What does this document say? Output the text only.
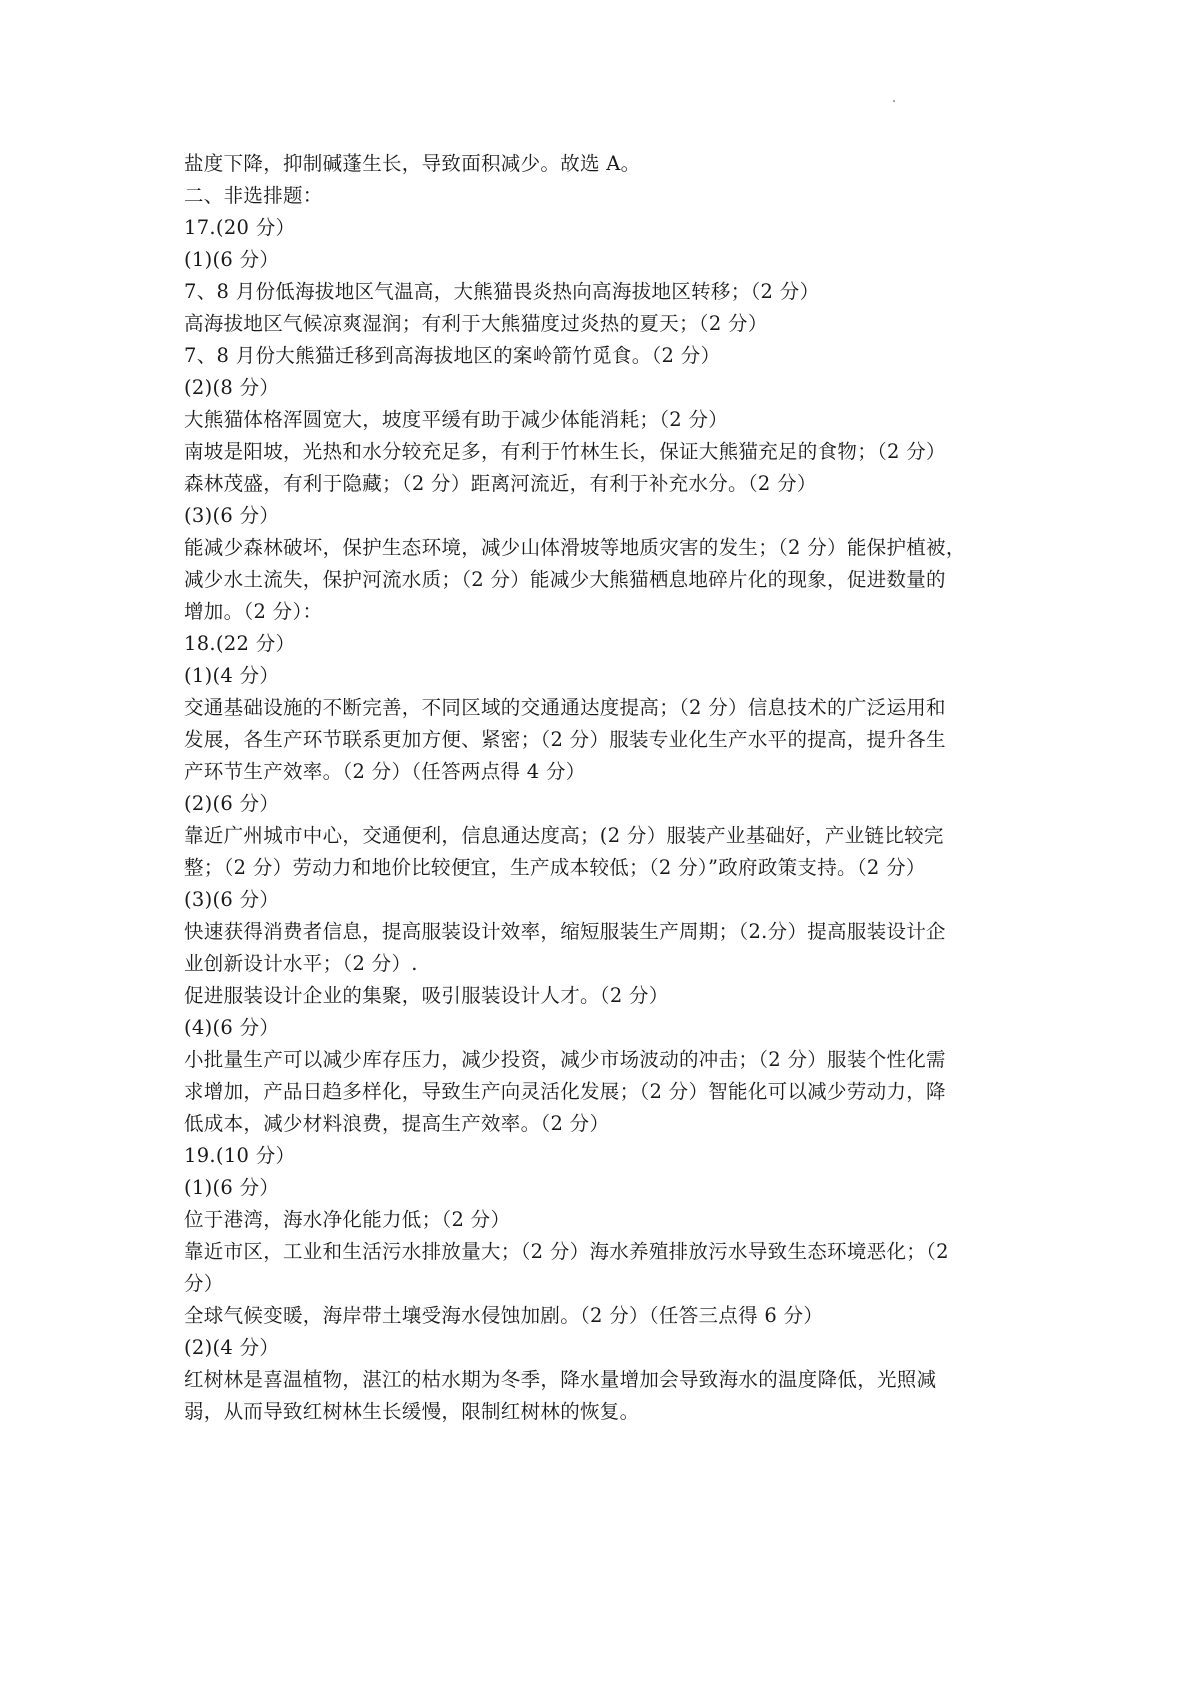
盐度下降，抑制碱蓬生长，导致面积减少。故选 A。
二、非选排题：
17.(20 分）
(1)(6 分）
7、8 月份低海拔地区气温高，大熊猫畏炎热向高海拔地区转移；（2 分）
高海拔地区气候凉爽湿润；有利于大熊猫度过炎热的夏天；（2 分）
7、8 月份大熊猫迁移到高海拔地区的案岭箭竹觅食。（2 分）
(2)(8 分）
大熊猫体格浑圆宽大，坡度平缓有助于减少体能消耗；（2 分）
南坡是阳坡，光热和水分较充足多，有利于竹林生长，保证大熊猫充足的食物；（2 分）
森林茂盛，有利于隐藏；（2 分）距离河流近，有利于补充水分。（2 分）
(3)(6 分）
能减少森林破坏，保护生态环境，减少山体滑坡等地质灾害的发生；（2 分）能保护植被，
减少水土流失，保护河流水质；（2 分）能减少大熊猫栖息地碎片化的现象，促进数量的
增加。（2 分）：
18.(22 分）
(1)(4 分）
交通基础设施的不断完善，不同区域的交通通达度提高；（2 分）信息技术的广泛运用和
发展，各生产环节联系更加方便、紧密；（2 分）服装专业化生产水平的提高，提升各生
产环节生产效率。（2 分）（任答两点得 4 分）
(2)(6 分）
靠近广州城市中心，交通便利，信息通达度高；(2 分）服装产业基础好，产业链比较完
整；（2 分）劳动力和地价比较便宜，生产成本较低；（2 分）”政府政策支持。（2 分）
(3)(6 分）
快速获得消费者信息，提高服装设计效率，缩短服装生产周期；（2.分）提高服装设计企
业创新设计水平；（2 分）.
促进服装设计企业的集聚，吸引服装设计人才。（2 分）
(4)(6 分）
小批量生产可以减少库存压力，减少投资，减少市场波动的冲击；（2 分）服装个性化需
求增加，产品日趋多样化，导致生产向灵活化发展；（2 分）智能化可以减少劳动力，降
低成本，减少材料浪费，提高生产效率。（2 分）
19.(10 分）
(1)(6 分）
位于港湾，海水净化能力低；（2 分）
靠近市区，工业和生活污水排放量大；（2 分）海水养殖排放污水导致生态环境恶化；（2
分）
全球气候变暖，海岸带土壤受海水侵蚀加剧。（2 分）（任答三点得 6 分）
(2)(4 分）
红树林是喜温植物，湛江的枯水期为冬季，降水量增加会导致海水的温度降低，光照减
弱，从而导致红树林生长缓慢，限制红树林的恢复。
